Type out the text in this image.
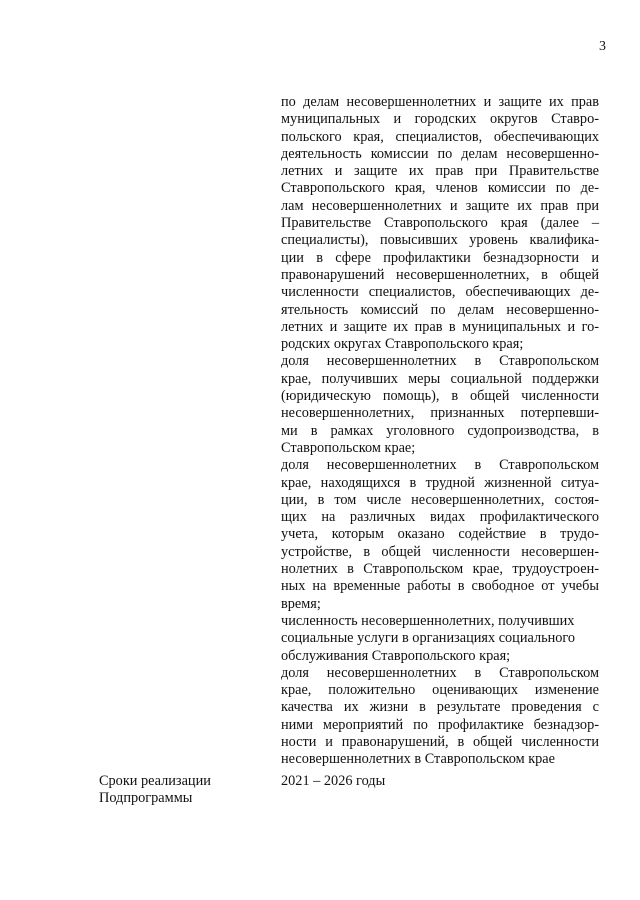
3
по делам несовершеннолетних и защите их прав
муниципальных и городских округов Ставро-
польского края, специалистов, обеспечивающих
деятельность комиссии по делам несовершенно-
летних и защите их прав при Правительстве
Ставропольского края, членов комиссии по де-
лам несовершеннолетних и защите их прав при
Правительстве Ставропольского края (далее –
специалисты), повысивших уровень квалифика-
ции в сфере профилактики безнадзорности и
правонарушений несовершеннолетних, в общей
численности специалистов, обеспечивающих де-
ятельность комиссий по делам несовершенно-
летних и защите их прав в муниципальных и го-
родских округах Ставропольского края;
доля несовершеннолетних в Ставропольском
крае, получивших меры социальной поддержки
(юридическую помощь), в общей численности
несовершеннолетних, признанных потерпевши-
ми в рамках уголовного судопроизводства, в
Ставропольском крае;
доля несовершеннолетних в Ставропольском
крае, находящихся в трудной жизненной ситуа-
ции, в том числе несовершеннолетних, состоя-
щих на различных видах профилактического
учета, которым оказано содействие в трудо-
устройстве, в общей численности несовершен-
нолетних в Ставропольском крае, трудоустроен-
ных на временные работы в свободное от учебы
время;
численность несовершеннолетних, получивших
социальные услуги в организациях социального
обслуживания Ставропольского края;
доля несовершеннолетних в Ставропольском
крае, положительно оценивающих изменение
качества их жизни в результате проведения с
ними мероприятий по профилактике безнадзор-
ности и правонарушений, в общей численности
несовершеннолетних в Ставропольском крае
Сроки реализации
Подпрограммы
2021 – 2026 годы
